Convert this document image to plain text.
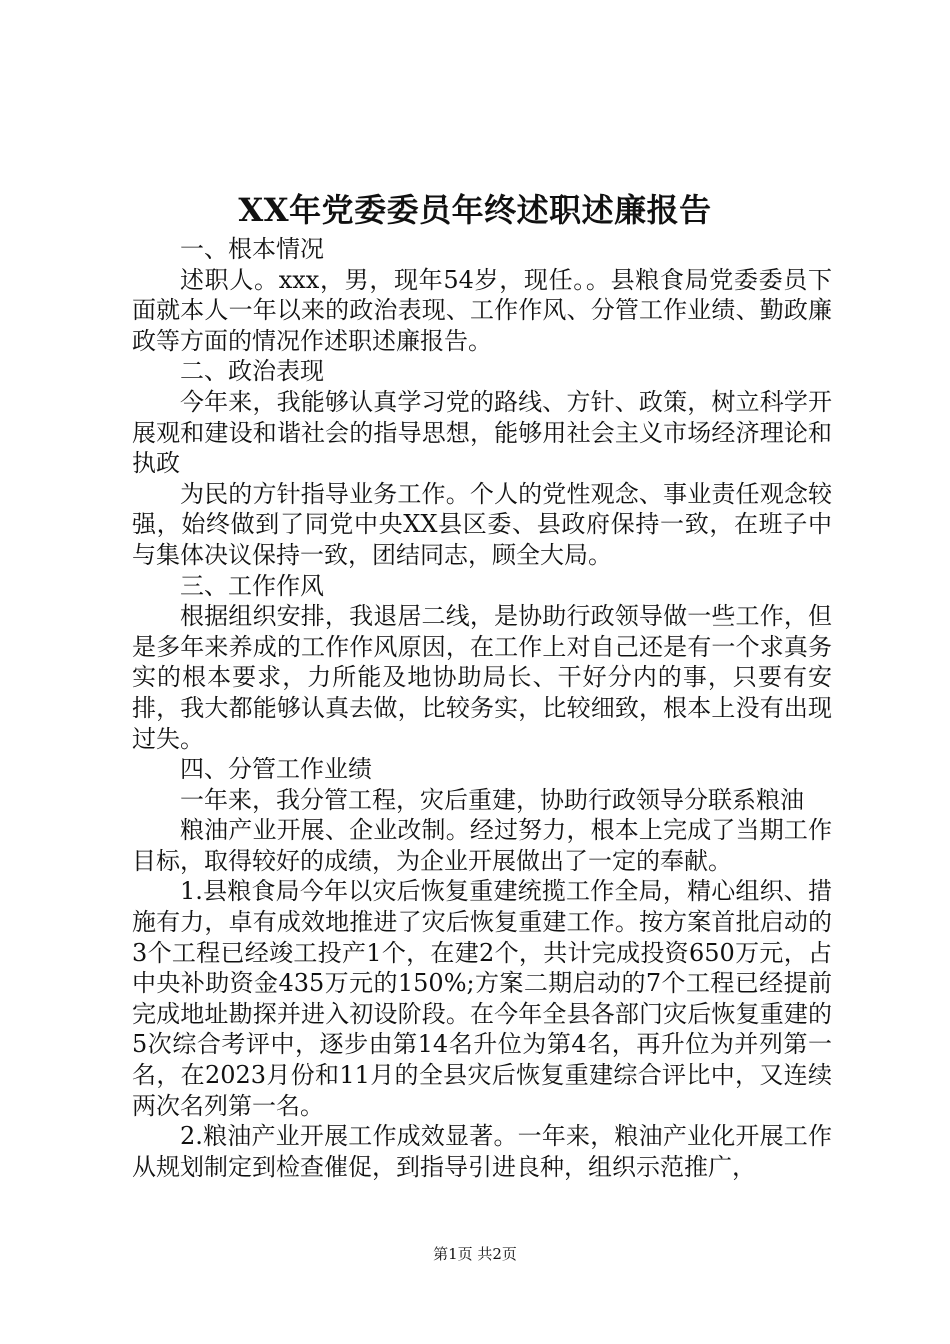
XX年党委委员年终述职述廉报告

一、根本情况

述职人。xxx，男，现年54岁，现任。。县粮食局党委委员下面就本人一年以来的政治表现、工作作风、分管工作业绩、勤政廉政等方面的情况作述职述廉报告。

二、政治表现

今年来，我能够认真学习党的路线、方针、政策，树立科学开展观和建设和谐社会的指导思想，能够用社会主义市场经济理论和执政

为民的方针指导业务工作。个人的党性观念、事业责任观念较强，始终做到了同党中央XX县区委、县政府保持一致，在班子中与集体决议保持一致，团结同志，顾全大局。

三、工作作风

根据组织安排，我退居二线，是协助行政领导做一些工作，但是多年来养成的工作作风原因，在工作上对自己还是有一个求真务实的根本要求，力所能及地协助局长、干好分内的事，只要有安排，我大都能够认真去做，比较务实，比较细致，根本上没有出现过失。

四、分管工作业绩

一年来，我分管工程，灾后重建，协助行政领导分联系粮油

粮油产业开展、企业改制。经过努力，根本上完成了当期工作目标，取得较好的成绩，为企业开展做出了一定的奉献。

1.县粮食局今年以灾后恢复重建统揽工作全局，精心组织、措施有力，卓有成效地推进了灾后恢复重建工作。按方案首批启动的3个工程已经竣工投产1个，在建2个，共计完成投资650万元，占中央补助资金435万元的150%;方案二期启动的7个工程已经提前完成地址勘探并进入初设阶段。在今年全县各部门灾后恢复重建的5次综合考评中，逐步由第14名升位为第4名，再升位为并列第一名，在2023月份和11月的全县灾后恢复重建综合评比中，又连续两次名列第一名。

2.粮油产业开展工作成效显著。一年来，粮油产业化开展工作从规划制定到检查催促，到指导引进良种，组织示范推广，

第1页 共2页
